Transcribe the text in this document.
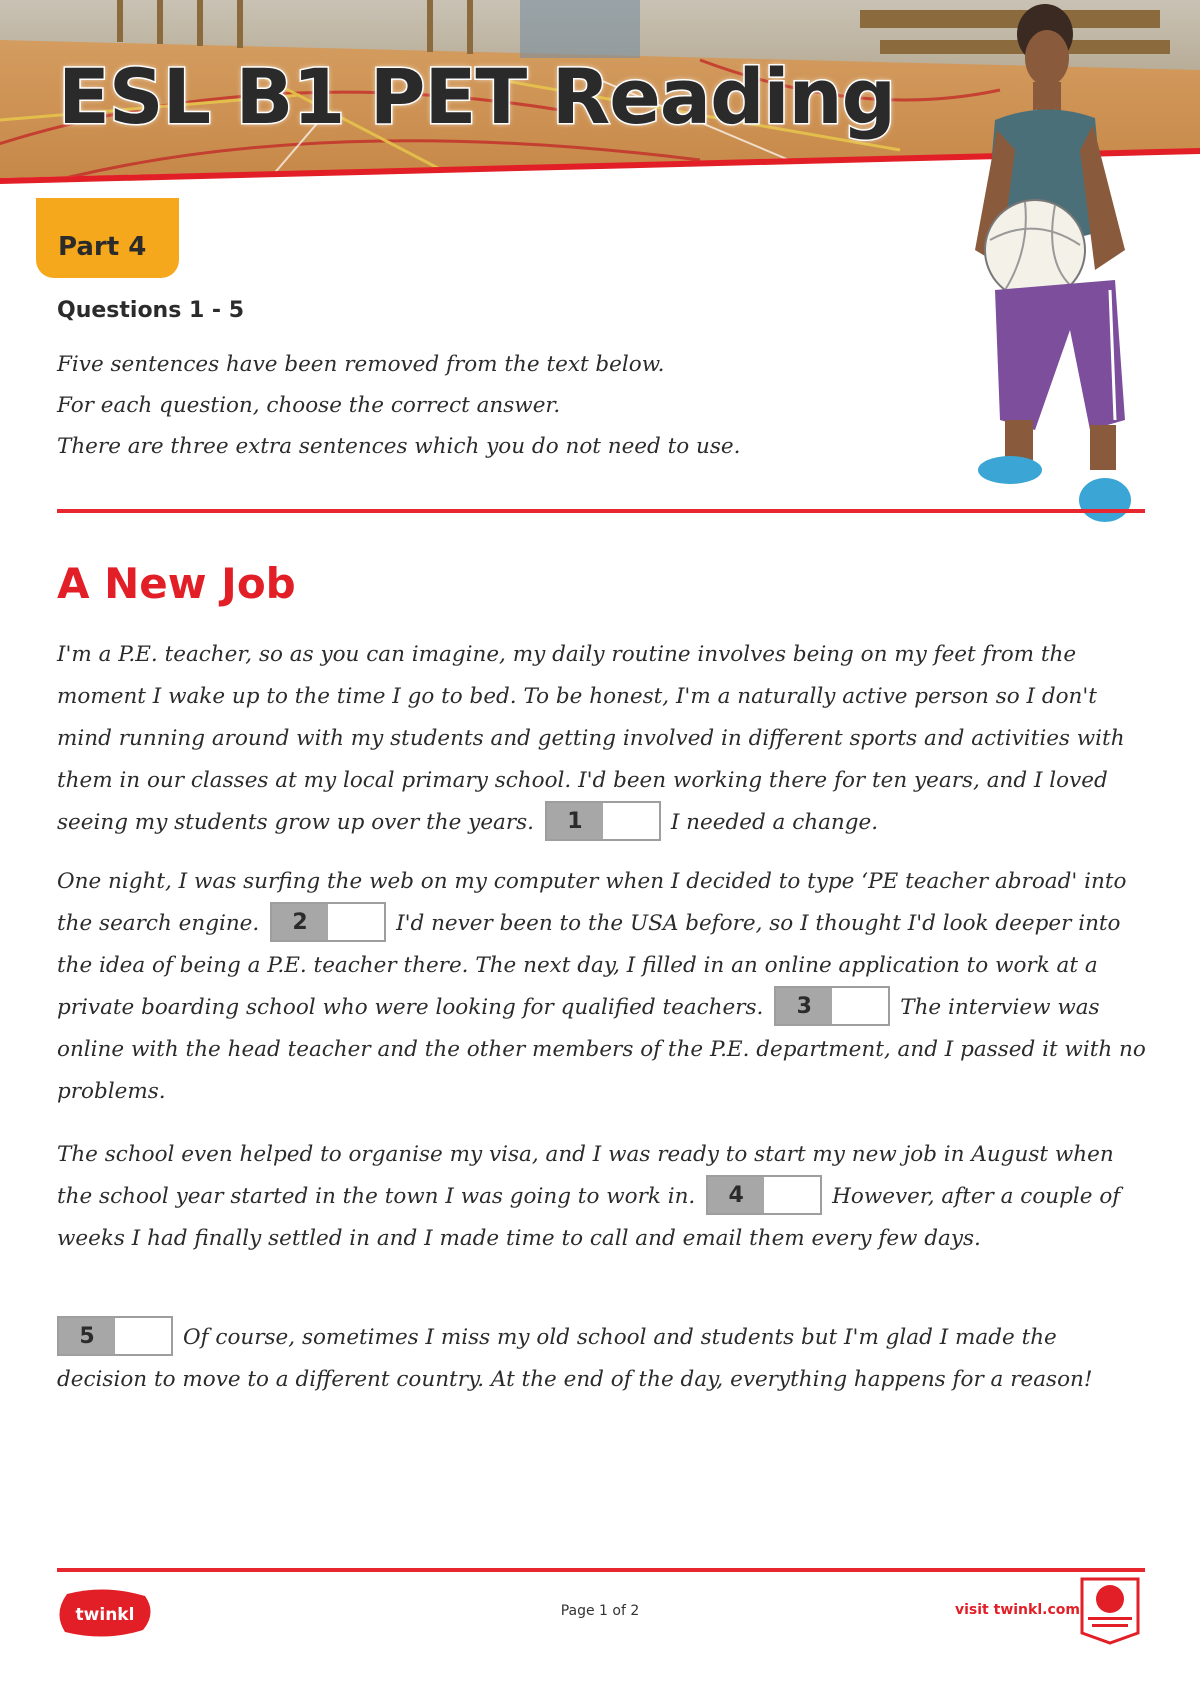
ESL B1 PET Reading
Part 4
Questions 1 - 5
Five sentences have been removed from the text below.
For each question, choose the correct answer.
There are three extra sentences which you do not need to use.
A New Job

I'm a P.E. teacher, so as you can imagine, my daily routine involves being on my feet from the moment I wake up to the time I go to bed. To be honest, I'm a naturally active person so I don't mind running around with my students and getting involved in different sports and activities with them in our classes at my local primary school. I'd been working there for ten years, and I loved seeing my students grow up over the years.	1	I needed a change.

One night, I was surfing the web on my computer when I decided to type ‘PE teacher abroad' into the search engine.	2	I'd never been to the USA before, so I thought I'd look deeper into the idea of being a P.E. teacher there. The next day, I filled in an online application to work at a private boarding school who were looking for qualified teachers.	3	The interview was online with the head teacher and the other members of the P.E. department, and I passed it with no problems.

The school even helped to organise my visa, and I was ready to start my new job in August when the school year started in the town I was going to work in.	4	However, after a couple of weeks I had finally settled in and I made time to call and email them every few days.

5	Of course, sometimes I miss my old school and students but I'm glad I made the decision to move to a different country. At the end of the day, everything happens for a reason!

twinkl	Page 1 of 2	visit twinkl.com
